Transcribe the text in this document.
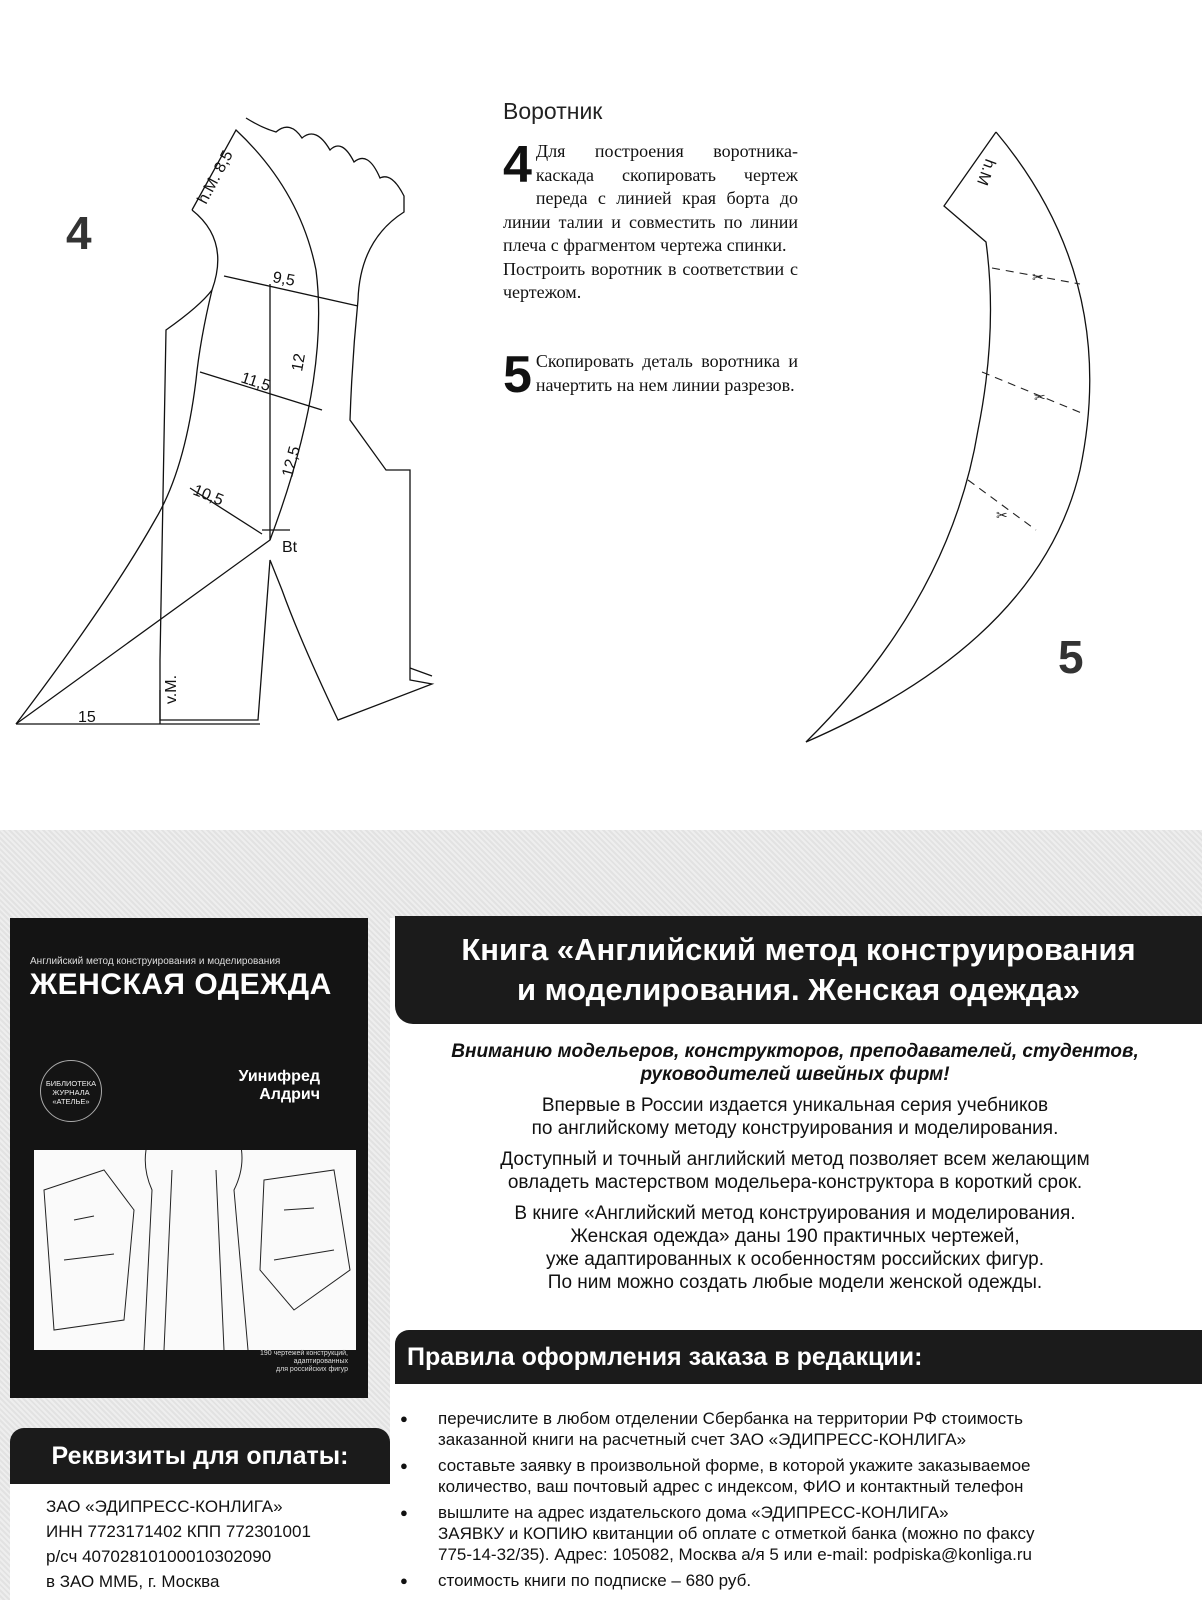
Воротник
4 Для построения воротника-каскада скопировать чертеж переда с линией края борта до линии талии и совместить по линии плеча с фрагментом чертежа спинки.

Построить воротник в соответствии с чертежом.

5 Скопировать деталь воротника и начертить на нем линии разрезов.

4
5
h.M. 8,5
9,5
12
11,5
12,5
10,5
Bt
v.M.
15
h.M
✂
✂
✂
Английский метод конструирования и моделирования
ЖЕНСКАЯ ОДЕЖДА
БИБЛИОТЕКА ЖУРНАЛА «АТЕЛЬЕ»
Уинифред
Алдрич
190 чертежей конструкций,
адаптированных
для российских фигур
Книга «Английский метод конструирования
и моделирования. Женская одежда»
Вниманию модельеров, конструкторов, преподавателей, студентов,
руководителей швейных фирм!
Впервые в России издается уникальная серия учебников
по английскому методу конструирования и моделирования.
Доступный и точный английский метод позволяет всем желающим
овладеть мастерством модельера-конструктора в короткий срок.
В книге «Английский метод конструирования и моделирования.
Женская одежда» даны 190 практичных чертежей,
уже адаптированных к особенностям российских фигур.
По ним можно создать любые модели женской одежды.
Правила оформления заказа в редакции:
● перечислите в любом отделении Сбербанка на территории РФ стоимость
заказанной книги на расчетный счет ЗАО «ЭДИПРЕСС-КОНЛИГА»
● составьте заявку в произвольной форме, в которой укажите заказываемое
количество, ваш почтовый адрес с индексом, ФИО и контактный телефон
● вышлите на адрес издательского дома «ЭДИПРЕСС-КОНЛИГА»
ЗАЯВКУ и КОПИЮ квитанции об оплате с отметкой банка (можно по факсу
775-14-32/35). Адрес: 105082, Москва а/я 5 или e-mail: podpiska@konliga.ru
● стоимость книги по подписке – 680 руб.
Реквизиты для оплаты:
ЗАО «ЭДИПРЕСС-КОНЛИГА»
ИНН 7723171402 КПП 772301001
р/сч 40702810100010302090
в ЗАО ММБ, г. Москва
